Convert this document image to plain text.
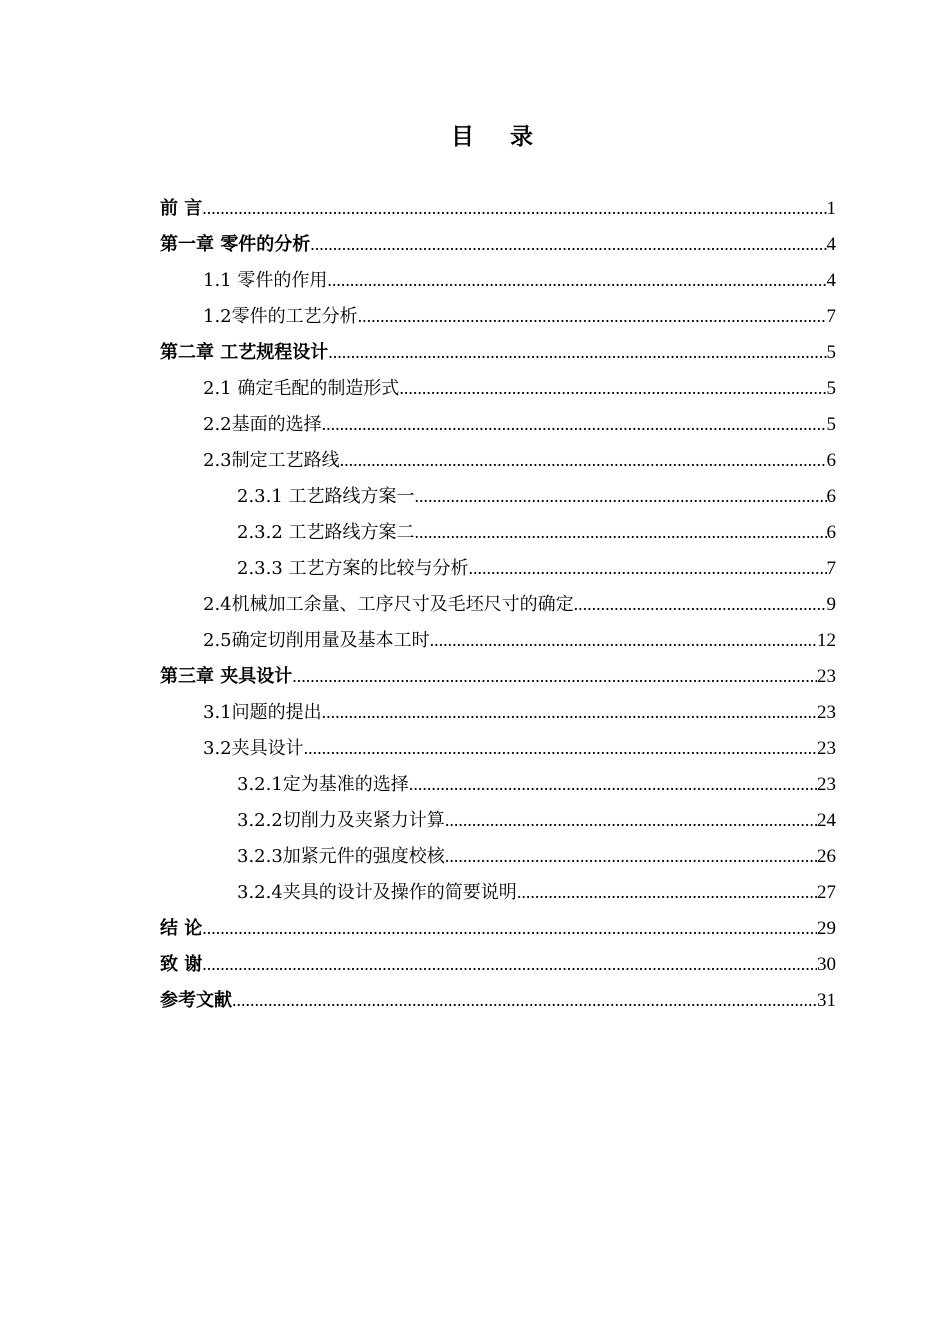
目 录
前 言 .....	1
第一章 零件的分析 .....	4
1.1 零件的作用 .....	4
1.2零件的工艺分析 .....	7
第二章 工艺规程设计 .....	5
2.1 确定毛配的制造形式 .....	5
2.2基面的选择 .....	5
2.3制定工艺路线 .....	6
2.3.1 工艺路线方案一 .....	6
2.3.2 工艺路线方案二 .....	6
2.3.3 工艺方案的比较与分析 .....	7
2.4机械加工余量、工序尺寸及毛坯尺寸的确定 .....	9
2.5确定切削用量及基本工时 .....	12
第三章 夹具设计 .....	23
3.1问题的提出 .....	23
3.2夹具设计 .....	23
3.2.1定为基准的选择 .....	23
3.2.2切削力及夹紧力计算 .....	24
3.2.3加紧元件的强度校核 .....	26
3.2.4夹具的设计及操作的简要说明 .....	27
结 论 .....	29
致 谢 .....	30
参考文献 .....	31
